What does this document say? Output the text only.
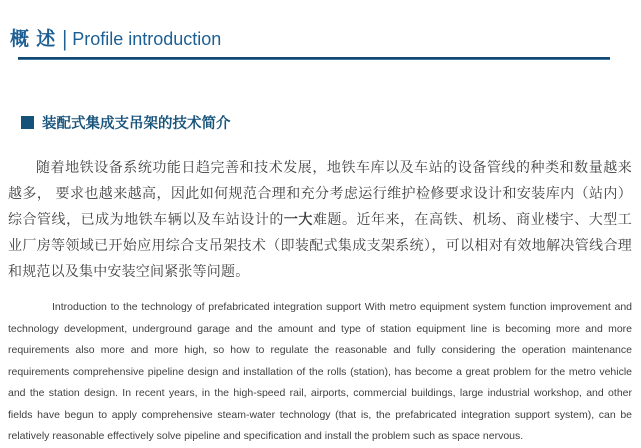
概 述 | Profile introduction
装配式集成支吊架的技术简介

随着地铁设备系统功能日趋完善和技术发展，地铁车库以及车站的设备管线的种类和数量越来越多， 要求也越来越高，因此如何规范合理和充分考虑运行维护检修要求设计和安装库内（站内）综合管线，已成为地铁车辆以及车站设计的一大难题。近年来，在高铁、机场、商业楼宇、大型工业厂房等领域已开始应用综合支吊架技术（即装配式集成支架系统），可以相对有效地解决管线合理和规范以及集中安装空间紧张等问题。

Introduction to the technology of prefabricated integration support With metro equipment system function improvement and technology development, underground garage and the amount and type of station equipment line is becoming more and more requirements also more and more high, so how to regulate the reasonable and fully considering the operation maintenance requirements comprehensive pipeline design and installation of the rolls (station), has become a great problem for the metro vehicle and the station design. In recent years, in the high-speed rail, airports, commercial buildings, large industrial workshop, and other fields have begun to apply comprehensive steam-water technology (that is, the prefabricated integration support system), can be relatively reasonable effectively solve pipeline and specification and install the problem such as space nervous.
